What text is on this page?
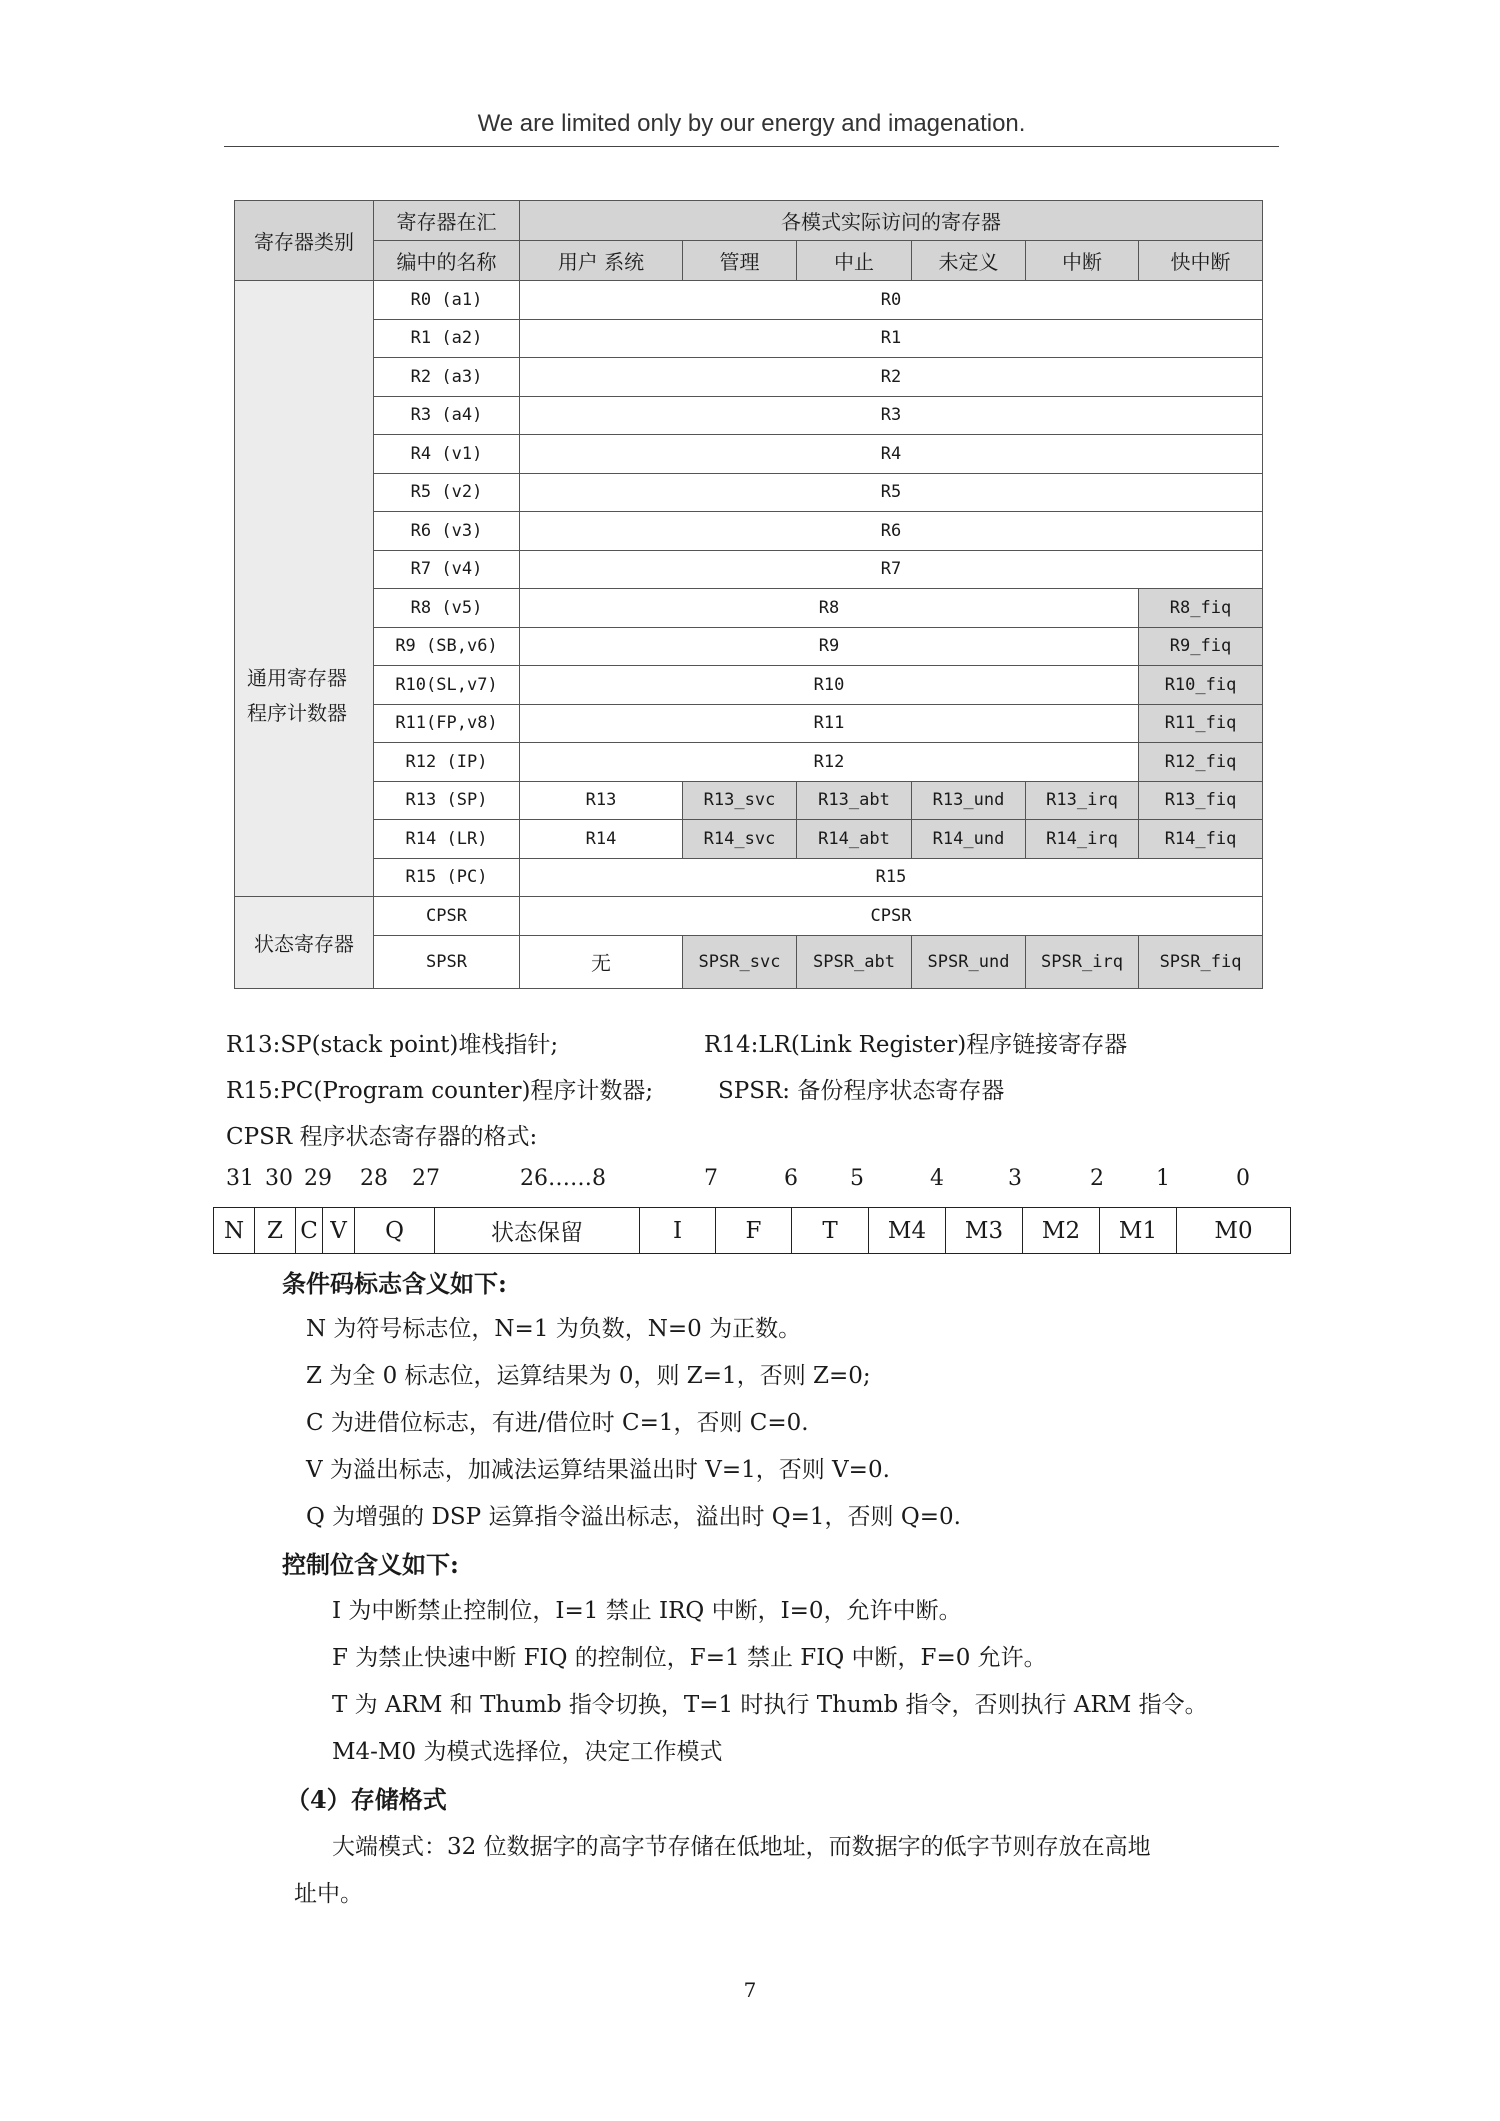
We are limited only by our energy and imagenation.
寄存器类别	寄存器在汇	各模式实际访问的寄存器					
	编中的名称	用户 系统	管理	中止	未定义	中断	快中断

通用寄存器
程序计数器	R0 (a1)	R0					
	R1 (a2)	R1					
	R2 (a3)	R2					
	R3 (a4)	R3					
	R4 (v1)	R4					
	R5 (v2)	R5					
	R6 (v3)	R6					
	R7 (v4)	R7					
	R8 (v5)	R8					R8_fiq
	R9 (SB,v6)	R9					R9_fiq
	R10(SL,v7)	R10					R10_fiq
	R11(FP,v8)	R11					R11_fiq
	R12 (IP)	R12					R12_fiq
	R13 (SP)	R13	R13_svc	R13_abt	R13_und	R13_irq	R13_fiq
	R14 (LR)	R14	R14_svc	R14_abt	R14_und	R14_irq	R14_fiq
	R15 (PC)	R15					
状态寄存器	CPSR	CPSR					
	SPSR	无	SPSR_svc	SPSR_abt	SPSR_und	SPSR_irq	SPSR_fiq
R13:SP(stack point)堆栈指针;	R14:LR(Link Register)程序链接寄存器
R15:PC(Program counter)程序计数器;	SPSR: 备份程序状态寄存器
CPSR 程序状态寄存器的格式:
31 30 29 28 27	26……8	7	6 5	4	3	2 1	0
N	Z	C	V	Q	状态保留	I	F	T	M4	M3	M2	M1	M0
条件码标志含义如下:
N 为符号标志位，N=1 为负数，N=0 为正数。
Z 为全 0 标志位，运算结果为 0，则 Z=1，否则 Z=0;
C 为进借位标志，有进/借位时 C=1，否则 C=0.
V 为溢出标志，加减法运算结果溢出时 V=1，否则 V=0.
Q 为增强的 DSP 运算指令溢出标志，溢出时 Q=1，否则 Q=0.
控制位含义如下:
I 为中断禁止控制位，I=1 禁止 IRQ 中断，I=0，允许中断。
F 为禁止快速中断 FIQ 的控制位，F=1 禁止 FIQ 中断，F=0 允许。
T 为 ARM 和 Thumb 指令切换，T=1 时执行 Thumb 指令，否则执行 ARM 指令。
M4-M0 为模式选择位，决定工作模式
（4）存储格式
大端模式：32 位数据字的高字节存储在低地址，而数据字的低字节则存放在高地
址中。
7
